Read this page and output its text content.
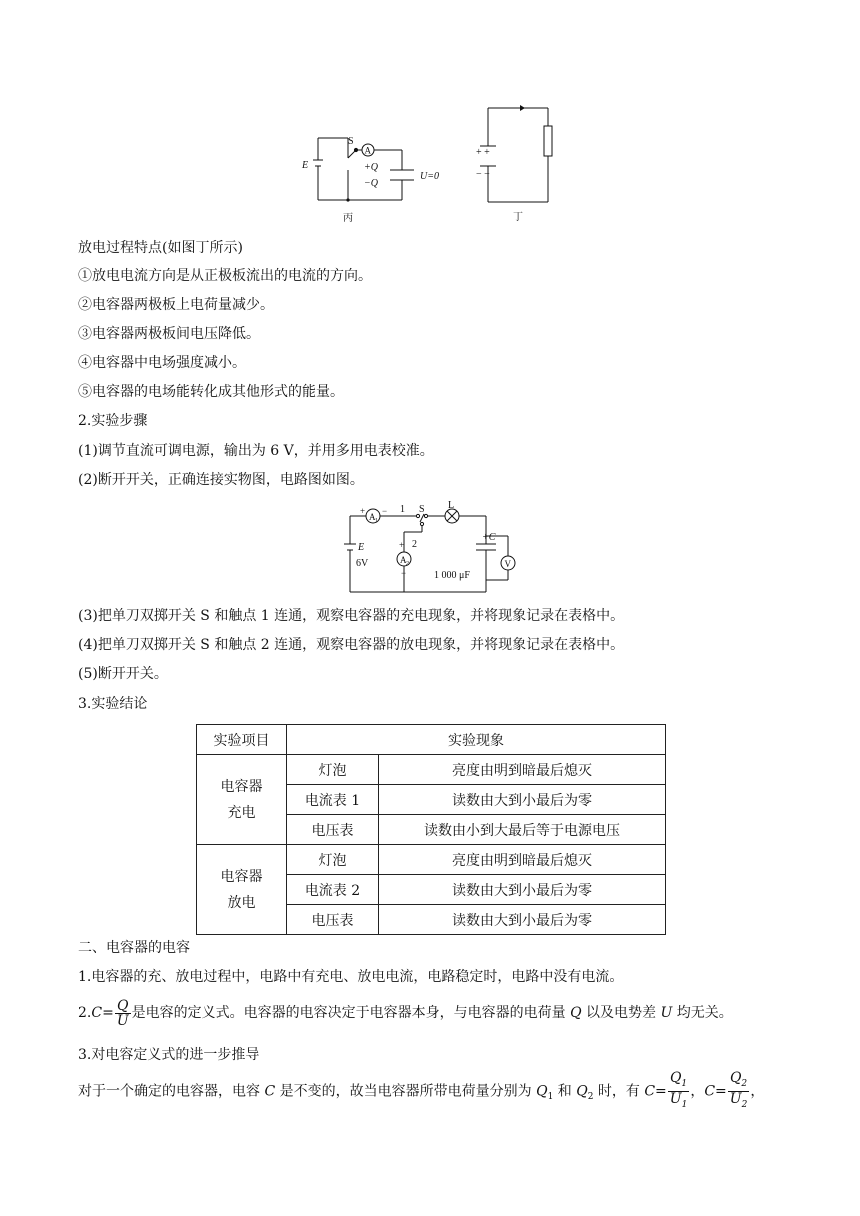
E
S
A
+Q
−Q
U=0
丙
+ +
− −
丁
放电过程特点(如图丁所示)
①放电电流方向是从正极板流出的电流的方向。
②电容器两极板上电荷量减少。
③电容器两极板间电压降低。
④电容器中电场强度减小。
⑤电容器的电场能转化成其他形式的能量。
2.实验步骤
(1)调节直流可调电源，输出为 6 V，并用多用电表校准。
(2)断开开关，正确连接实物图，电路图如图。
+
A 1
− 1 S L
2
+
A 2
−
E
6V
+C
V
1 000 μF
(3)把单刀双掷开关 S 和触点 1 连通，观察电容器的充电现象，并将现象记录在表格中。
(4)把单刀双掷开关 S 和触点 2 连通，观察电容器的放电现象，并将现象记录在表格中。
(5)断开开关。
3.实验结论
实验项目	实验现象	
电容器
充电	灯泡	亮度由明到暗最后熄灭
	电流表 1	读数由大到小最后为零
	电压表	读数由小到大最后等于电源电压
电容器
放电	灯泡	亮度由明到暗最后熄灭
	电流表 2	读数由大到小最后为零
	电压表	读数由大到小最后为零
二、电容器的电容
1.电容器的充、放电过程中，电路中有充电、放电电流，电路稳定时，电路中没有电流。
$2.C= \frac{Q}{U}$ 是电容的定义式。电容器的电容决定于电容器本身，与电容器的电荷量 Q 以及电势差 U 均无关。
3.对电容定义式的进一步推导
对于一个确定的电容器，电容 C 是不变的，故当电容器所带电荷量分别为 $Q_1$ 和 $Q_2$ 时，有 $C= \frac{Q_1}{U_1}$ ，$C= \frac{Q_2}{U_2}$ ，
